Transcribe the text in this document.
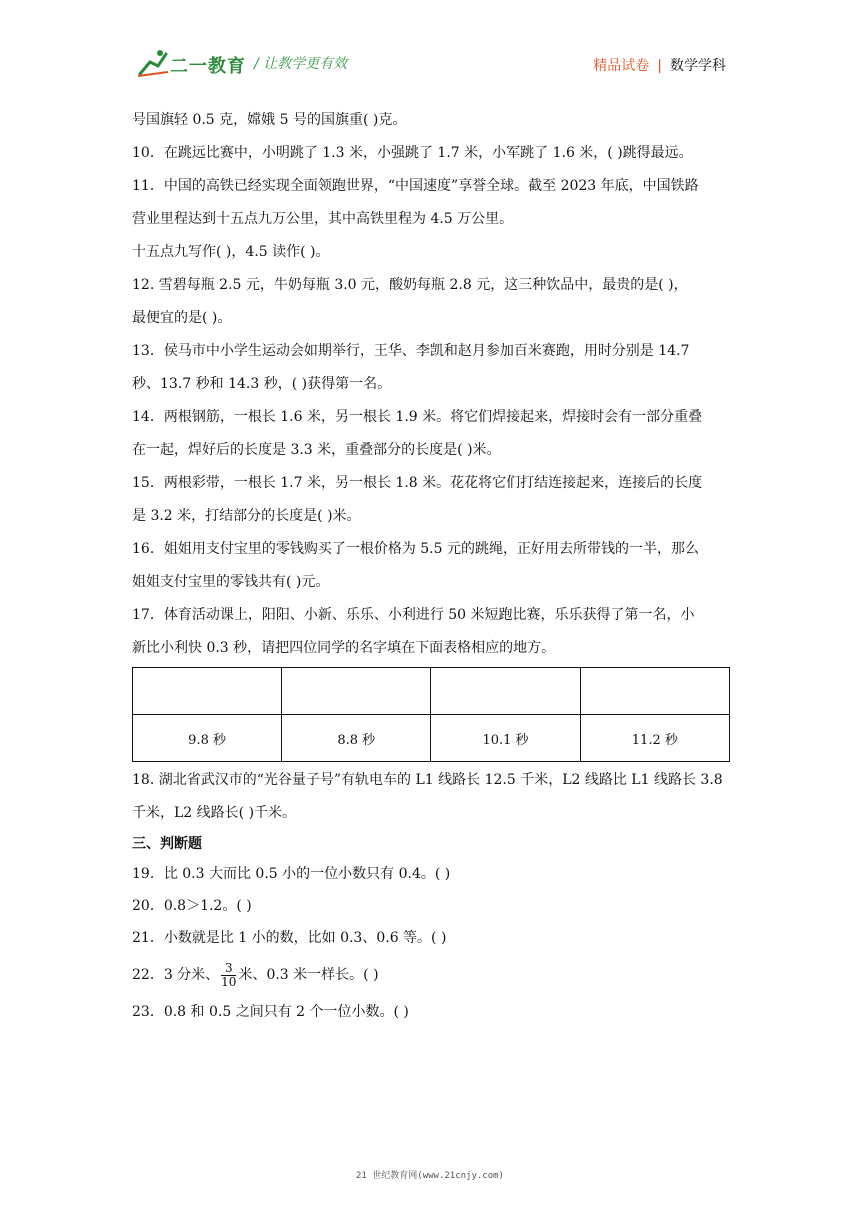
二一教育 / 让教学更有效	精品试卷 | 数学学科
号国旗轻 0.5 克，嫦娥 5 号的国旗重( )克。
10．在跳远比赛中，小明跳了 1.3 米，小强跳了 1.7 米，小军跳了 1.6 米，( )跳得最远。
11．中国的高铁已经实现全面领跑世界，“中国速度”享誉全球。截至 2023 年底，中国铁路
营业里程达到十五点九万公里，其中高铁里程为 4.5 万公里。
十五点九写作( )，4.5 读作( )。
12. 雪碧每瓶 2.5 元，牛奶每瓶 3.0 元，酸奶每瓶 2.8 元，这三种饮品中，最贵的是( )，
最便宜的是( )。
13．侯马市中小学生运动会如期举行，王华、李凯和赵月参加百米赛跑，用时分别是 14.7
秒、13.7 秒和 14.3 秒，( )获得第一名。
14．两根钢筋，一根长 1.6 米，另一根长 1.9 米。将它们焊接起来，焊接时会有一部分重叠
在一起，焊好后的长度是 3.3 米，重叠部分的长度是( )米。
15．两根彩带，一根长 1.7 米，另一根长 1.8 米。花花将它们打结连接起来，连接后的长度
是 3.2 米，打结部分的长度是( )米。
16．姐姐用支付宝里的零钱购买了一根价格为 5.5 元的跳绳，正好用去所带钱的一半，那么
姐姐支付宝里的零钱共有( )元。
17．体育活动课上，阳阳、小新、乐乐、小利进行 50 米短跑比赛，乐乐获得了第一名，小
新比小利快 0.3 秒，请把四位同学的名字填在下面表格相应的地方。

9.8 秒	8.8 秒	10.1 秒	11.2 秒
18. 湖北省武汉市的“光谷量子号”有轨电车的 L1 线路长 12.5 千米，L2 线路比 L1 线路长 3.8
千米，L2 线路长( )千米。
三、判断题
19．比 0.3 大而比 0.5 小的一位小数只有 0.4。( )
20．0.8＞1.2。( )
21．小数就是比 1 小的数，比如 0.3、0.6 等。( )
22．3 分米、 $\frac{3}{10}$ 米、0.3 米一样长。( )
23．0.8 和 0.5 之间只有 2 个一位小数。( )
21 世纪教育网(www.21cnjy.com)
